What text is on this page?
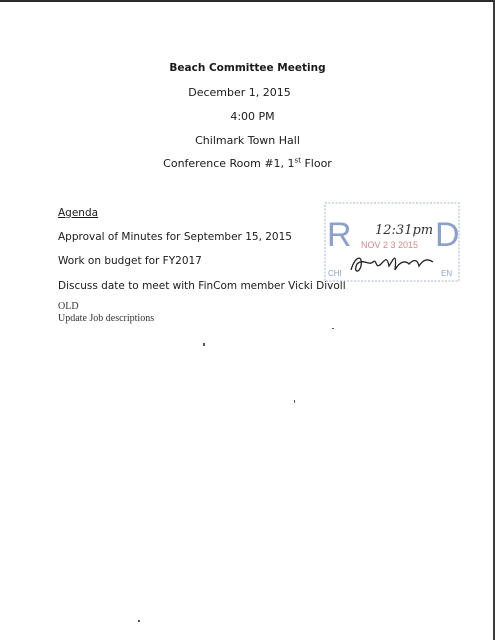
Beach Committee Meeting
December 1, 2015
4:00 PM
Chilmark Town Hall
Conference Room #1, 1st Floor
Agenda
Approval of Minutes for September 15, 2015
Work on budget for FY2017
Discuss date to meet with FinCom member Vicki Divoll
OLD
Update Job descriptions
R D
12:31pm
NOV 2 3 2015
CHI	EN
